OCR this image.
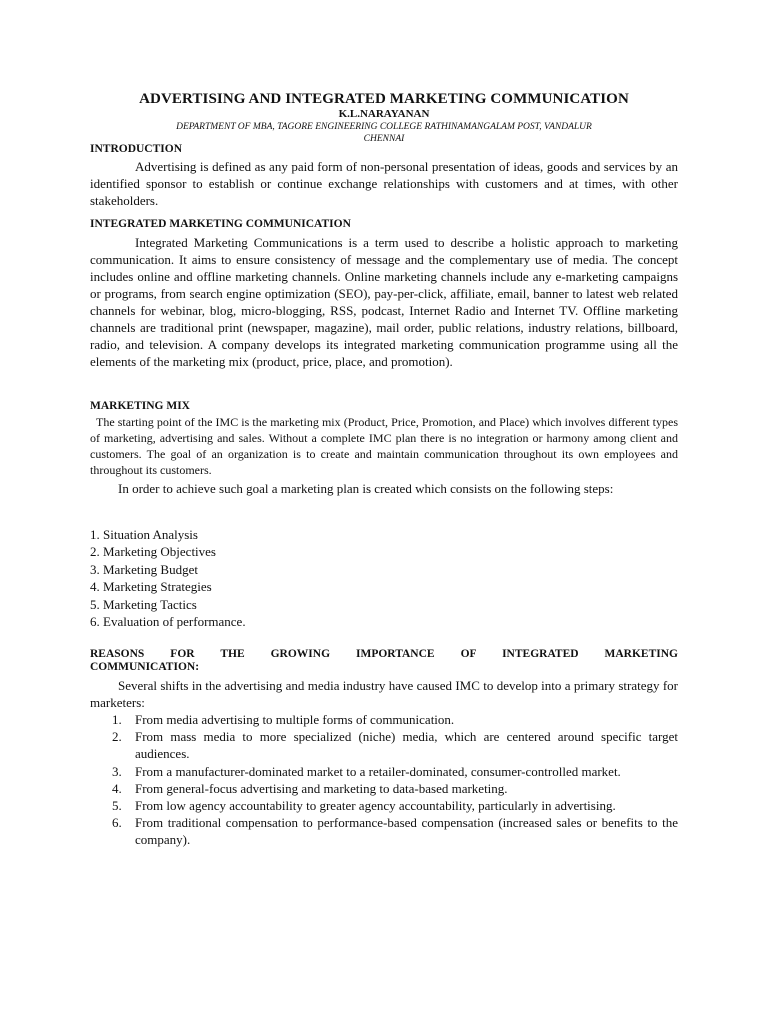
ADVERTISING AND INTEGRATED MARKETING COMMUNICATION
K.L.NARAYANAN
DEPARTMENT OF MBA, TAGORE ENGINEERING COLLEGE RATHINAMANGALAM POST, VANDALUR
CHENNAI
INTRODUCTION
Advertising is defined as any paid form of non-personal presentation of ideas, goods and services by an identified sponsor to establish or continue exchange relationships with customers and at times, with other stakeholders.
INTEGRATED MARKETING COMMUNICATION
Integrated Marketing Communications is a term used to describe a holistic approach to marketing communication. It aims to ensure consistency of message and the complementary use of media. The concept includes online and offline marketing channels. Online marketing channels include any e-marketing campaigns or programs, from search engine optimization (SEO), pay-per-click, affiliate, email, banner to latest web related channels for webinar, blog, micro-blogging, RSS, podcast, Internet Radio and Internet TV. Offline marketing channels are traditional print (newspaper, magazine), mail order, public relations, industry relations, billboard, radio, and television. A company develops its integrated marketing communication programme using all the elements of the marketing mix (product, price, place, and promotion).
MARKETING MIX
The starting point of the IMC is the marketing mix (Product, Price, Promotion, and Place) which involves different types of marketing, advertising and sales. Without a complete IMC plan there is no integration or harmony among client and customers. The goal of an organization is to create and maintain communication throughout its own employees and throughout its customers.
In order to achieve such goal a marketing plan is created which consists on the following steps:
1. Situation Analysis
2. Marketing Objectives
3. Marketing Budget
4. Marketing Strategies
5. Marketing Tactics
6. Evaluation of performance.
REASONS FOR THE GROWING IMPORTANCE OF INTEGRATED MARKETING
COMMUNICATION:
Several shifts in the advertising and media industry have caused IMC to develop into a primary strategy for marketers:
1. From media advertising to multiple forms of communication.
2. From mass media to more specialized (niche) media, which are centered around specific target audiences.
3. From a manufacturer-dominated market to a retailer-dominated, consumer-controlled market.
4. From general-focus advertising and marketing to data-based marketing.
5. From low agency accountability to greater agency accountability, particularly in advertising.
6. From traditional compensation to performance-based compensation (increased sales or benefits to the company).
